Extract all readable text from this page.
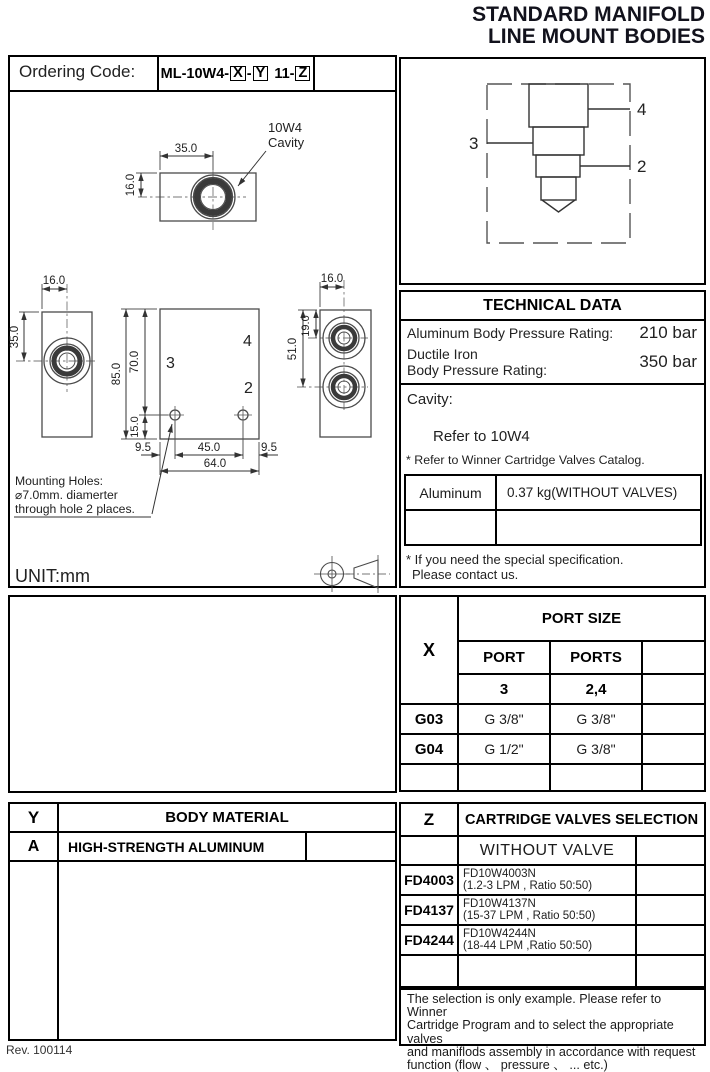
STANDARD MANIFOLD
LINE MOUNT BODIES
Ordering Code: ML-10W4- X - Y 11- Z
35.0
16.0
16.0
35.0
85.0
70.0
15.0
9.5	45.0	9.5
64.0
3
4
2
16.0
19.0
51.0
10W4
Cavity
Mounting Holes:
⌀7.0mm. diamerter
through hole 2 places.
UNIT:mm
4
3
2
TECHNICAL DATA
Aluminum Body Pressure Rating: 210 bar
Ductile Iron
Body Pressure Rating:	350 bar
Cavity:
Refer to 10W4
* Refer to Winner Cartridge Valves Catalog.
Aluminum	0.37 kg(WITHOUT VALVES)
* If you need the special specification.
Please contact us.
X
PORT SIZE
PORT	PORTS
3	2,4
G03	G 3/8"	G 3/8"
G04	G 1/2"	G 3/8"
Y	BODY MATERIAL
A	HIGH-STRENGTH ALUMINUM
Z	CARTRIDGE VALVES SELECTION
WITHOUT VALVE
FD4003 FD10W4003N
(1.2-3 LPM , Ratio 50:50)
FD4137 FD10W4137N
(15-37 LPM , Ratio 50:50)
FD4244 FD10W4244N
(18-44 LPM ,Ratio 50:50)
The selection is only example. Please refer to Winner
Cartridge Program and to select the appropriate valves
and maniflods assembly in accordance with request
function (flow 、 pressure 、 ... etc.)
Rev. 100114
